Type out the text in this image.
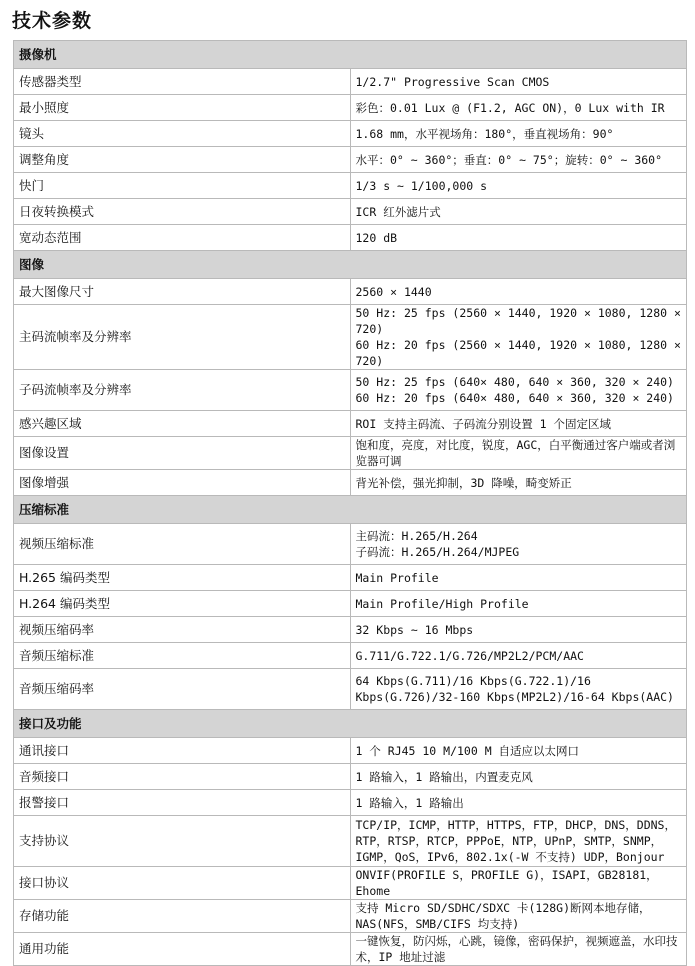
技术参数
摄像机	
传感器类型	1/2.7" Progressive Scan CMOS

最小照度	彩色：0.01 Lux @ (F1.2, AGC ON)，0 Lux with IR

镜头	1.68 mm，水平视场角：180°，垂直视场角：90°

调整角度	水平：0° ~ 360°；垂直：0° ~ 75°；旋转：0° ~ 360°

快门	1/3 s ~ 1/100,000 s

日夜转换模式	ICR 红外滤片式

宽动态范围	120 dB

图像	
最大图像尺寸	2560 × 1440

主码流帧率及分辨率	50 Hz: 25 fps (2560 × 1440, 1920 × 1080, 1280 × 720)
60 Hz: 20 fps (2560 × 1440, 1920 × 1080, 1280 × 720)

子码流帧率及分辨率	50 Hz: 25 fps (640× 480, 640 × 360, 320 × 240)
60 Hz: 20 fps (640× 480, 640 × 360, 320 × 240)

感兴趣区域	ROI 支持主码流、子码流分别设置 1 个固定区域

图像设置	饱和度，亮度，对比度，锐度，AGC，白平衡通过客户端或者浏览器可调

图像增强	背光补偿，强光抑制，3D 降噪，畸变矫正

压缩标准	
视频压缩标准	主码流：H.265/H.264
子码流：H.265/H.264/MJPEG

H.265 编码类型	Main Profile

H.264 编码类型	Main Profile/High Profile

视频压缩码率	32 Kbps ~ 16 Mbps

音频压缩标准	G.711/G.722.1/G.726/MP2L2/PCM/AAC

音频压缩码率	64 Kbps(G.711)/16 Kbps(G.722.1)/16 Kbps(G.726)/32-160 Kbps(MP2L2)/16-64 Kbps(AAC)

接口及功能	
通讯接口	1 个 RJ45 10 M/100 M 自适应以太网口

音频接口	1 路输入，1 路输出，内置麦克风

报警接口	1 路输入，1 路输出

支持协议	TCP/IP，ICMP，HTTP，HTTPS，FTP，DHCP，DNS，DDNS，RTP，RTSP，RTCP，PPPoE，NTP，UPnP，SMTP，SNMP，IGMP，QoS，IPv6，802.1x(-W 不支持) UDP，Bonjour

接口协议	ONVIF(PROFILE S，PROFILE G)，ISAPI，GB28181，Ehome

存储功能	支持 Micro SD/SDHC/SDXC 卡(128G)断网本地存储，NAS(NFS，SMB/CIFS 均支持)

通用功能	一键恢复，防闪烁，心跳，镜像，密码保护，视频遮盖，水印技术，IP 地址过滤
